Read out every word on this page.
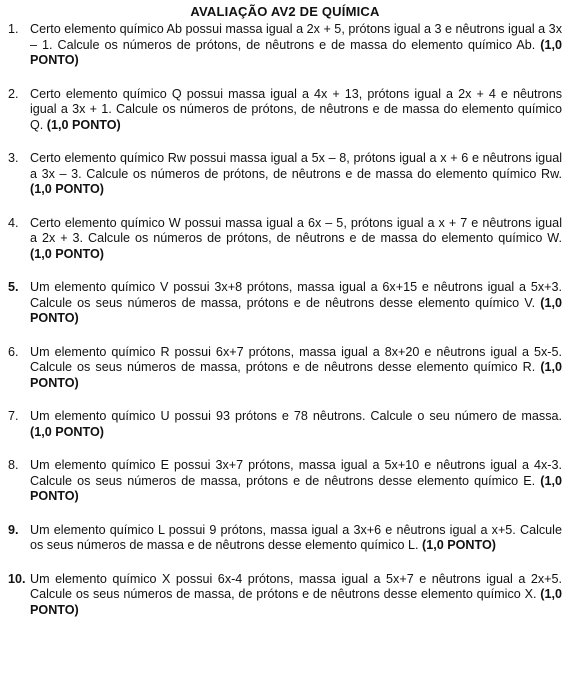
AVALIAÇÃO AV2 DE QUÍMICA
1. Certo elemento químico Ab possui massa igual a 2x + 5, prótons igual a 3 e nêutrons igual a 3x – 1. Calcule os números de prótons, de nêutrons e de massa do elemento químico Ab. (1,0 PONTO)
2. Certo elemento químico Q possui massa igual a 4x + 13, prótons igual a 2x + 4 e nêutrons igual a 3x + 1. Calcule os números de prótons, de nêutrons e de massa do elemento químico Q. (1,0 PONTO)
3. Certo elemento químico Rw possui massa igual a 5x – 8, prótons igual a x + 6 e nêutrons igual a 3x – 3. Calcule os números de prótons, de nêutrons e de massa do elemento químico Rw. (1,0 PONTO)
4. Certo elemento químico W possui massa igual a 6x – 5, prótons igual a x + 7 e nêutrons igual a 2x + 3. Calcule os números de prótons, de nêutrons e de massa do elemento químico W. (1,0 PONTO)
5. Um elemento químico V possui 3x+8 prótons, massa igual a 6x+15 e nêutrons igual a 5x+3. Calcule os seus números de massa, prótons e de nêutrons desse elemento químico V. (1,0 PONTO)
6. Um elemento químico R possui 6x+7 prótons, massa igual a 8x+20 e nêutrons igual a 5x-5. Calcule os seus números de massa, prótons e de nêutrons desse elemento químico R. (1,0 PONTO)
7. Um elemento químico U possui 93 prótons e 78 nêutrons. Calcule o seu número de massa. (1,0 PONTO)
8. Um elemento químico E possui 3x+7 prótons, massa igual a 5x+10 e nêutrons igual a 4x-3. Calcule os seus números de massa, prótons e de nêutrons desse elemento químico E. (1,0 PONTO)
9. Um elemento químico L possui 9 prótons, massa igual a 3x+6 e nêutrons igual a x+5. Calcule os seus números de massa e de nêutrons desse elemento químico L. (1,0 PONTO)
10. Um elemento químico X possui 6x-4 prótons, massa igual a 5x+7 e nêutrons igual a 2x+5. Calcule os seus números de massa, de prótons e de nêutrons desse elemento químico X. (1,0 PONTO)
